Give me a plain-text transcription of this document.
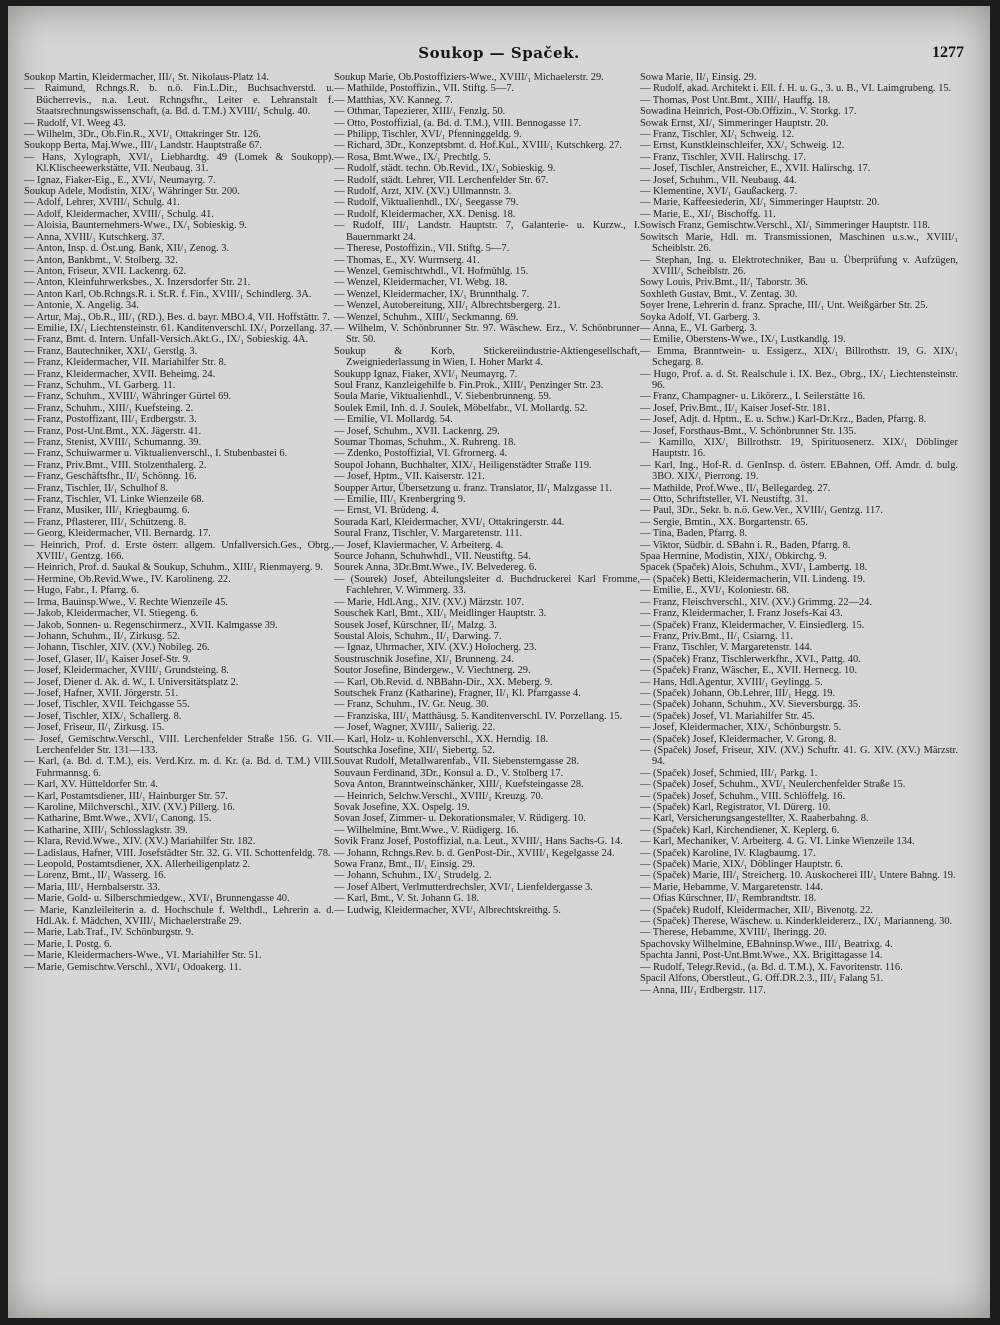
Soukop — Spaček.	1277

Soukop Martin, Kleidermacher, III/₁ St. Nikolaus-Platz 14.

— Raimund, Rchngs.R. b. n.ö. Fin.L.Dir., Buchsachverstd. u. Bücherrevis., n.a. Leut. Rchngsfhr., Leiter e. Lehranstalt f. Staatsrechnungswissenschaft, (a. Bd. d. T.M.) XVIII/₁ Schulg. 40.

— Rudolf, VI. Weeg 43.

— Wilhelm, 3Dr., Ob.Fin.R., XVI/₁ Ottakringer Str. 126.

Soukopp Berta, Maj.Wwe., III/₁ Landstr. Hauptstraße 67.

— Hans, Xylograph, XVI/₁ Liebhardtg. 49 (Lomek & Soukopp). Kl.Klischeewerkstätte, VII. Neubaug. 31.

— Ignaz, Fiaker-Eig., E., XVI/₁ Neumayrg. 7.

Soukup Adele, Modistin, XIX/₁ Währinger Str. 200.

— Adolf, Lehrer, XVIII/₁ Schulg. 41.

— Adolf, Kleidermacher, XVIII/₁ Schulg. 41.

— Aloisia, Baunternehmers-Wwe., IX/₁ Sobieskig. 9.

— Anna, XVIII/₁ Kutschkerg. 37.

— Anton, Insp. d. Öst.ung. Bank, XII/₁ Zenog. 3.

— Anton, Bankbmt., V. Stolberg. 32.

— Anton, Friseur, XVII. Lackenrg. 62.

— Anton, Kleinfuhrwerksbes., X. Inzersdorfer Str. 21.

— Anton Karl, Ob.Rchngs.R. i. St.R. f. Fin., XVIII/₁ Schindlerg. 3A.

— Antonie, X. Angelig. 34.

— Artur, Maj., Ob.R., III/₁ (RD.), Bes. d. bayr. MBO.4, VII. Hoffstättr. 7.

— Emilie, IX/₁ Liechtensteinstr. 61. Kanditenverschl. IX/₁ Porzellang. 37.

— Franz, Bmt. d. Intern. Unfall-Versich.Akt.G., IX/₁ Sobieskig. 4A.

— Franz, Bautechniker, XXI/₁ Gerstlg. 3.

— Franz, Kleidermacher, VII. Mariahilfer Str. 8.

— Franz, Kleidermacher, XVII. Beheimg. 24.

— Franz, Schuhm., VI. Garberg. 11.

— Franz, Schuhm., XVIII/₁ Währinger Gürtel 69.

— Franz, Schuhm., XIII/₁ Kuefsteing. 2.

— Franz, Postoffizant, III/₁ Erdbergstr. 3.

— Franz, Post-Unt.Bmt., XX. Jägerstr. 41.

— Franz, Stenist, XVIII/₁ Schumanng. 39.

— Franz, Schuiwarmer u. Viktualienverschl., I. Stubenbastei 6.

— Franz, Priv.Bmt., VIII. Stolzenthalerg. 2.

— Franz, Geschäftsfhr., II/₁ Schönng. 16.

— Franz, Tischler, II/₁ Schulhof 8.

— Franz, Tischler, VI. Linke Wienzeile 68.

— Franz, Musiker, III/₁ Kriegbaumg. 6.

— Franz, Pflasterer, III/₁ Schützeng. 8.

— Georg, Kleidermacher, VII. Bernardg. 17.

— Heinrich, Prof. d. Erste österr. allgem. Unfallversich.Ges., Obrg., XVIII/₁ Gentzg. 166.

— Heinrich, Prof. d. Saukal & Soukup, Schuhm., XIII/₁ Rienmayerg. 9.

— Hermine, Ob.Revid.Wwe., IV. Karolineng. 22.

— Hugo, Fabr., I. Pfarrg. 6.

— Irma, Bauinsp.Wwe., V. Rechte Wienzeile 45.

— Jakob, Kleidermacher, VI. Stiegeng. 6.

— Jakob, Sonnen- u. Regenschirmerz., XVII. Kalmgasse 39.

— Johann, Schuhm., II/₁ Zirkusg. 52.

— Johann, Tischler, XIV. (XV.) Nobileg. 26.

— Josef, Glaser, II/₁ Kaiser Josef-Str. 9.

— Josef, Kleidermacher, XVIII/₁ Grundsteing. 8.

— Josef, Diener d. Ak. d. W., I. Universitätsplatz 2.

— Josef, Hafner, XVII. Jörgerstr. 51.

— Josef, Tischler, XVII. Teichgasse 55.

— Josef, Tischler, XIX/₁ Schallerg. 8.

— Josef, Friseur, II/₁ Zirkusg. 15.

— Josef, Gemischtw.Verschl., VIII. Lerchenfelder Straße 156. G. VII. Lerchenfelder Str. 131—133.

— Karl, (a. Bd. d. T.M.), eis. Verd.Krz. m. d. Kr. (a. Bd. d. T.M.) VIII. Fuhrmannsg. 6.

— Karl, XV. Hütteldorfer Str. 4.

— Karl, Postamtsdiener, III/₁ Hainburger Str. 57.

— Karoline, Milchverschl., XIV. (XV.) Pillerg. 16.

— Katharine, Bmt.Wwe., XVI/₁ Canong. 15.

— Katharine, XIII/₁ Schlosslagkstr. 39.

— Klara, Revid.Wwe., XIV. (XV.) Mariahilfer Str. 182.

— Ladislaus, Hafner, VIII. Josefstädter Str. 32. G. VII. Schottenfeldg. 78.

— Leopold, Postamtsdiener, XX. Allerheiligenplatz 2.

— Lorenz, Bmt., II/₁ Wasserg. 16.

— Maria, III/₁ Hernbalserstr. 33.

— Marie, Gold- u. Silberschmiedgew., XVI/₁ Brunnengasse 40.

— Marie, Kanzleileiterin a. d. Hochschule f. Welthdl., Lehrerin a. d. Hdl.Ak. f. Mädchen, XVIII/₁ Michaelerstraße 29.

— Marie, Lab.Traf., IV. Schönburgstr. 9.

— Marie, I. Postg. 6.

— Marie, Kleidermachers-Wwe., VI. Mariahilfer Str. 51.

— Marie, Gemischtw.Verschl., XVI/₁ Odoakerg. 11.

Soukup Marie, Ob.Postoffiziers-Wwe., XVIII/₁ Michaelerstr. 29.

— Mathilde, Postoffizin., VII. Stiftg. 5—7.

— Matthias, XV. Kanneg. 7.

— Othmar, Tapezierer, XIII/₁ Fenzlg. 50.

— Otto, Postoffizial, (a. Bd. d. T.M.), VIII. Bennogasse 17.

— Philipp, Tischler, XVI/₁ Pfenninggeldg. 9.

— Richard, 3Dr., Konzeptsbmt. d. Hof.Kul., XVIII/₁ Kutschkerg. 27.

— Rosa, Bmt.Wwe., IX/₁ Prechtlg. 5.

— Rudolf, städt. techn. Ob.Revid., IX/₁ Sobieskig. 9.

— Rudolf, städt. Lehrer, VII. Lerchenfelder Str. 67.

— Rudolf, Arzt, XIV. (XV.) Ullmannstr. 3.

— Rudolf, Viktualienhdl., IX/₁ Seegasse 79.

— Rudolf, Kleidermacher, XX. Denisg. 18.

— Rudolf, III/₁ Landstr. Hauptstr. 7, Galanterie- u. Kurzw., I. Bauernmarkt 24.

— Therese, Postoffizin., VII. Stiftg. 5—7.

— Thomas, E., XV. Wurmserg. 41.

— Wenzel, Gemischtwhdl., VI. Hofmühlg. 15.

— Wenzel, Kleidermacher, VI. Webg. 18.

— Wenzel, Kleidermacher, IX/₁ Brunnthalg. 7.

— Wenzel, Autobereitung, XII/₁ Albrechtsbergerg. 21.

— Wenzel, Schuhm., XIII/₁ Seckmanng. 69.

— Wilhelm, V. Schönbrunner Str. 97. Wäschew. Erz., V. Schönbrunner Str. 50.

Soukup & Korb, Stickereiindustrie-Aktiengesellschaft, Zweigniederlassung in Wien, I. Hoher Markt 4.

Soukupp Ignaz, Fiaker, XVI/₁ Neumayrg. 7.

Soul Franz, Kanzleigehilfe b. Fin.Prok., XIII/₁ Penzinger Str. 23.

Soula Marie, Viktualienhdl., V. Siebenbrunneng. 59.

Soulek Emil, Inh. d. J. Soulek, Möbelfabr., VI. Mollardg. 52.

— Emilie, VI. Mollardg. 54.

— Josef, Schuhm., XVII. Lackenrg. 29.

Soumar Thomas, Schuhm., X. Ruhreng. 18.

— Zdenko, Postoffizial, VI. Gfrornerg. 4.

Soupol Johann, Buchhalter, XIX/₁ Heiligenstädter Straße 119.

— Josef, Hptm., VII. Kaiserstr. 121.

Soupper Artur, Übersetzung u. franz. Translator, II/₁ Malzgasse 11.

— Emilie, III/₁ Krenbergring 9.

— Ernst, VI. Brüdeng. 4.

Sourada Karl, Kleidermacher, XVI/₁ Ottakringerstr. 44.

Soural Franz, Tischler, V. Margaretenstr. 111.

— Josef, Klaviermacher, V. Arbeiterg. 4.

Source Johann, Schuhwhdl., VII. Neustiftg. 54.

Sourek Anna, 3Dr.Bmt.Wwe., IV. Belvedereg. 6.

— (Sourek) Josef, Abteilungsleiter d. Buchdruckerei Karl Fromme, Fachlehrer, V. Wimmerg. 33.

— Marie, Hdl.Ang., XIV. (XV.) Märzstr. 107.

Souschek Karl, Bmt., XII/₁ Meidlinger Hauptstr. 3.

Sousek Josef, Kürschner, II/₁ Malzg. 3.

Soustal Alois, Schuhm., II/₁ Darwing. 7.

— Ignaz, Uhrmacher, XIV. (XV.) Holocherg. 23.

Soustruschnik Josefine, XI/₁ Brunneng. 24.

Soutor Josefine, Bindergew., V. Viechtnerg. 29.

— Karl, Ob.Revid. d. NBBahn-Dir., XX. Meberg. 9.

Soutschek Franz (Katharine), Fragner, II/₁ Kl. Pfarrgasse 4.

— Franz, Schuhm., IV. Gr. Neug. 30.

— Franziska, III/₁ Matthäusg. 5. Kanditenverschl. IV. Porzellang. 15.

— Josef, Wagner, XVIII/₁ Salierig. 22.

— Karl, Holz- u. Kohlenverschl., XX. Herndig. 18.

Soutschka Josefine, XII/₁ Siebertg. 52.

Souvat Rudolf, Metallwarenfab., VII. Siebensterngasse 28.

Souvaun Ferdinand, 3Dr., Konsul a. D., V. Stolberg 17.

Sova Anton, Branntweinschänker, XIII/₁ Kuefsteingasse 28.

— Heinrich, Selchw.Verschl., XVIII/₁ Kreuzg. 70.

Sovak Josefine, XX. Ospelg. 19.

Sovan Josef, Zimmer- u. Dekorationsmaler, V. Rüdigerg. 10.

— Wilhelmine, Bmt.Wwe., V. Rüdigerg. 16.

Sovik Franz Josef, Postoffizial, n.a. Leut., XVIII/₁ Hans Sachs-G. 14.

— Johann, Rchngs.Rev. b. d. GenPost-Dir., XVIII/₁ Kegelgasse 24.

Sowa Franz, Bmt., II/₁ Einsig. 29.

— Johann, Schuhm., IX/₁ Strudelg. 2.

— Josef Albert, Verlmutterdrechsler, XVI/₁ Lienfeldergasse 3.

— Karl, Bmt., V. St. Johann G. 18.

— Ludwig, Kleidermacher, XVI/₁ Albrechtskreithg. 5.

Sowa Marie, II/₁ Einsig. 29.

— Rudolf, akad. Architekt i. Ell. f. H. u. G., 3. u. B., VI. Laimgrubeng. 15.

— Thomas, Post Unt.Bmt., XIII/₁ Hauffg. 18.

Sowadina Heinrich, Post-Ob.Offizin., V. Storkg. 17.

Sowak Ernst, XI/₁ Simmeringer Hauptstr. 20.

— Franz, Tischler, XI/₁ Schweig. 12.

— Ernst, Kunstkleinschleifer, XX/₁ Schweig. 12.

— Franz, Tischler, XVII. Halirschg. 17.

— Josef, Tischler, Anstreicher, E., XVII. Halirschg. 17.

— Josef, Schuhm., VII. Neubaug. 44.

— Klementine, XVI/₁ Gaußackerg. 7.

— Marie, Kaffeesiederin, XI/₁ Simmeringer Hauptstr. 20.

— Marie, E., XI/₁ Bischoffg. 11.

Sowisch Franz, Gemischtw.Verschl., XI/₁ Simmeringer Hauptstr. 118.

Sowitsch Marie, Hdl. m. Transmissionen, Maschinen u.s.w., XVIII/₁ Scheiblstr. 26.

— Stephan, Ing. u. Elektrotechniker, Bau u. Überprüfung v. Aufzügen, XVIII/₁ Scheiblstr. 26.

Sowy Louis, Priv.Bmt., II/₁ Taborstr. 36.

Soxhleth Gustav, Bmt., V. Zentag. 30.

Soyer Irene, Lehrerin d. franz. Sprache, III/₁ Unt. Weißgärber Str. 25.

Soyka Adolf, VI. Garberg. 3.

— Anna, E., VI. Garberg. 3.

— Emilie, Oberstens-Wwe., IX/₁ Lustkandlg. 19.

— Emma, Branntwein- u. Essigerz., XIX/₁ Billrothstr. 19, G. XIX/₁ Schegarg. 8.

— Hugo, Prof. a. d. St. Realschule i. IX. Bez., Obrg., IX/₁ Liechtensteinstr. 96.

— Franz, Champagner- u. Likörerz., I. Seilerstätte 16.

— Josef, Priv.Bmt., II/₁ Kaiser Josef-Str. 181.

— Josef, Adjt. d. Hptm., E. u. Schw.) Karl-Dr.Krz., Baden, Pfarrg. 8.

— Josef, Forsthaus-Bmt., V. Schönbrunner Str. 135.

— Kamillo, XIX/₁ Billrothstr. 19, Spirituosenerz. XIX/₁ Döblinger Hauptstr. 16.

— Karl, Ing., Hof-R. d. GenInsp. d. österr. EBahnen, Off. Amdr. d. bulg. 3BO. XIX/₁ Pierrong. 19.

— Mathilde, Prof.Wwe., II/₁ Bellegardeg. 27.

— Otto, Schriftsteller, VI. Neustiftg. 31.

— Paul, 3Dr., Sekr. b. n.ö. Gew.Ver., XVIII/₁ Gentzg. 117.

— Sergie, Bmtin., XX. Borgartenstr. 65.

— Tina, Baden, Pfarrg. 8.

— Viktor, Südbir. d. SBahn i. R., Baden, Pfarrg. 8.

Spaa Hermine, Modistin, XIX/₁ Obkirchg. 9.

Spacek (Spaček) Alois, Schuhm., XVI/₁ Lambertg. 18.

— (Spaček) Betti, Kleidermacherin, VII. Lindeng. 19.

— Emilie, E., XVI/₁ Koloniestr. 68.

— Franz, Fleischverschl., XIV. (XV.) Grimmg. 22—24.

— Franz, Kleidermacher, I. Franz Josefs-Kai 43.

— (Spaček) Franz, Kleidermacher, V. Einsiedlerg. 15.

— Franz, Priv.Bmt., II/₁ Csiarng. 11.

— Franz, Tischler, V. Margaretenstr. 144.

— (Spaček) Franz, Tischlerwerkfhr., XVI., Pattg. 40.

— (Spaček) Franz, Wäscher, E., XVII. Hernecg. 10.

— Hans, Hdl.Agentur, XVIII/₁ Geylingg. 5.

— (Spaček) Johann, Ob.Lehrer, III/₁ Hegg. 19.

— (Spaček) Johann, Schuhm., XV. Sieversburgg. 35.

— (Spaček) Josef, VI. Mariahilfer Str. 45.

— Josef, Kleidermacher, XIX/₁ Schönburgstr. 5.

— (Spaček) Josef, Kleidermacher, V. Grong. 8.

— (Spaček) Josef, Friseur, XIV. (XV.) Schuftr. 41. G. XIV. (XV.) Märzstr. 94.

— (Spaček) Josef, Schmied, III/₁ Parkg. 1.

— (Spaček) Josef, Schuhm., XVI/₁ Neulerchenfelder Straße 15.

— (Spaček) Josef, Schuhm., VIII. Schlöffelg. 16.

— (Spaček) Karl, Registrator, VI. Dürerg. 10.

— Karl, Versicherungsangestellter, X. Raaberbahng. 8.

— (Spaček) Karl, Kirchendiener, X. Keplerg. 6.

— Karl, Mechaniker, V. Arbeiterg. 4. G. VI. Linke Wienzeile 134.

— (Spaček) Karoline, IV. Klagbaumg. 17.

— (Spaček) Marie, XIX/₁ Döblinger Hauptstr. 6.

— (Spaček) Marie, III/₁ Streicherg. 10. Auskocherei III/₁ Untere Bahng. 19.

— Marie, Hebamme, V. Margaretenstr. 144.

— Ofias Kürschner, II/₁ Rembrandtstr. 18.

— (Spaček) Rudolf, Kleidermacher, XII/₁ Bivenotg. 22.

— (Spaček) Therese, Wäschew. u. Kinderkleidererz., IX/₁ Marianneng. 30.

— Therese, Hebamme, XVIII/₁ Iheringg. 20.

Spachovsky Wilhelmine, EBahninsp.Wwe., III/₁ Beatrixg. 4.

Spachta Janni, Post-Unt.Bmt.Wwe., XX. Brigittagasse 14.

— Rudolf, Telegr.Revid., (a. Bd. d. T.M.), X. Favoritenstr. 116.

Spacil Alfons, Oberstleut., G. Off.DR.2.3., III/₁ Falang 51.

— Anna, III/₁ Erdbergstr. 117.
